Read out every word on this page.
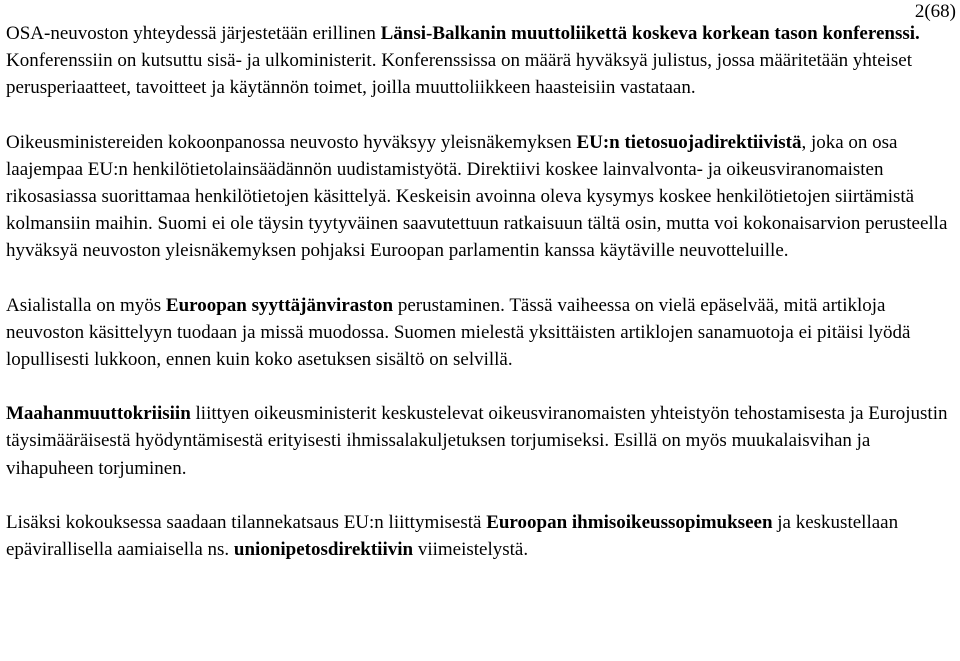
2(68)

OSA-neuvoston yhteydessä järjestetään erillinen Länsi-Balkanin muuttoliikettä koskeva korkean tason konferenssi. Konferenssiin on kutsuttu sisä- ja ulkoministerit. Konferenssissa on määrä hyväksyä julistus, jossa määritetään yhteiset perusperiaatteet, tavoitteet ja käytännön toimet, joilla muuttoliikkeen haasteisiin vastataan.

Oikeusministereiden kokoonpanossa neuvosto hyväksyy yleisnäkemyksen EU:n tietosuojadirektiivistä, joka on osa laajempaa EU:n henkilötietolainsäädännön uudistamistyötä. Direktiivi koskee lainvalvonta- ja oikeusviranomaisten rikosasiassa suorittamaa henkilötietojen käsittelyä. Keskeisin avoinna oleva kysymys koskee henkilötietojen siirtämistä kolmansiin maihin. Suomi ei ole täysin tyytyväinen saavutettuun ratkaisuun tältä osin, mutta voi kokonaisarvion perusteella hyväksyä neuvoston yleisnäkemyksen pohjaksi Euroopan parlamentin kanssa käytäville neuvotteluille.

Asialistalla on myös Euroopan syyttäjänviraston perustaminen. Tässä vaiheessa on vielä epäselvää, mitä artikloja neuvoston käsittelyyn tuodaan ja missä muodossa. Suomen mielestä yksittäisten artiklojen sanamuotoja ei pitäisi lyödä lopullisesti lukkoon, ennen kuin koko asetuksen sisältö on selvillä.

Maahanmuuttokriisiin liittyen oikeusministerit keskustelevat oikeusviranomaisten yhteistyön tehostamisesta ja Eurojustin täysimääräisestä hyödyntämisestä erityisesti ihmissalakuljetuksen torjumiseksi. Esillä on myös muukalaisvihan ja vihapuheen torjuminen.

Lisäksi kokouksessa saadaan tilannekatsaus EU:n liittymisestä Euroopan ihmisoikeussopimukseen ja keskustellaan epävirallisella aamiaisella ns. unionipetosdirektiivin viimeistelystä.
